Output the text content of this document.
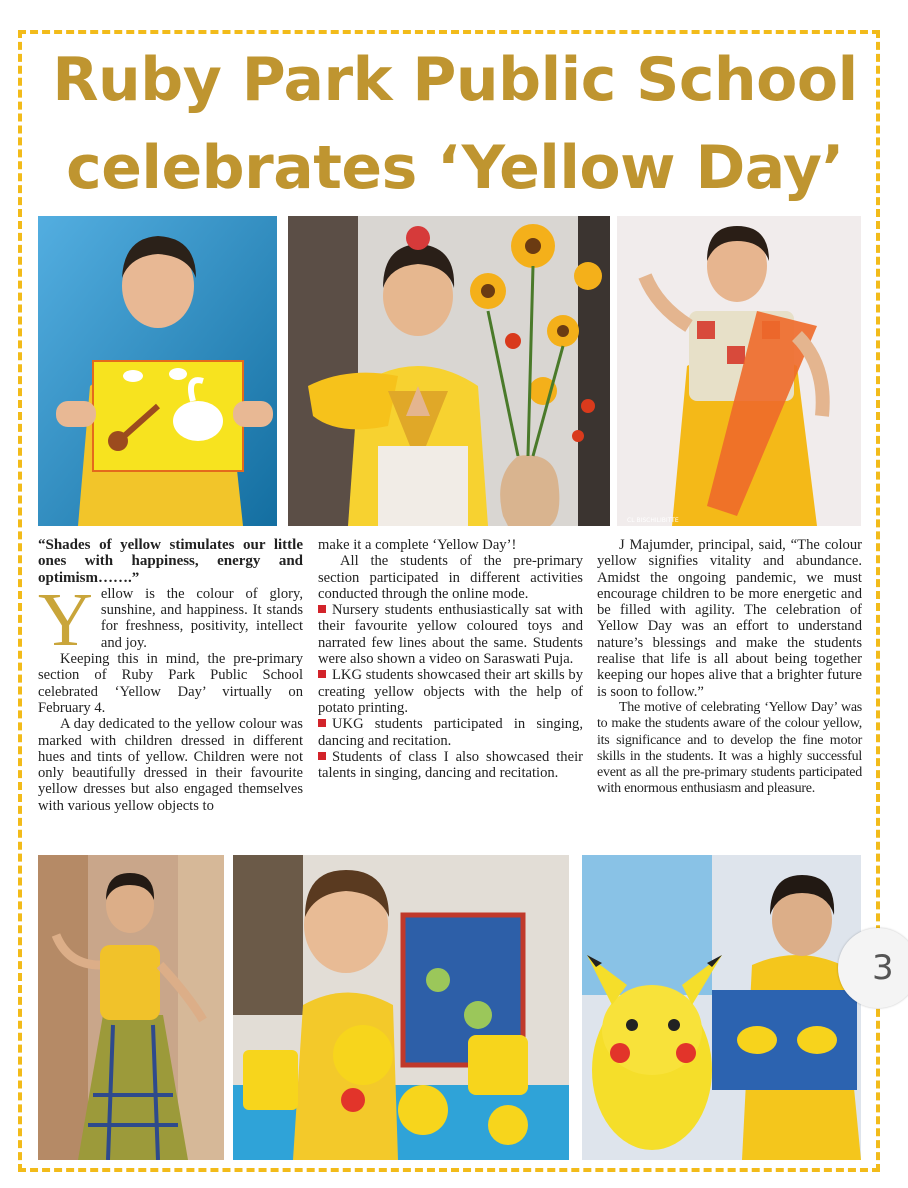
Ruby Park Public School
celebrates ‘Yellow Day’
CL BISCHILIBITTE

“Shades of yellow stimulates our little ones with happiness, energy and optimism…….”

Yellow is the colour of glory, sunshine, and happiness. It stands for freshness, positivity, intellect and joy.

Keeping this in mind, the pre-primary section of Ruby Park Public School celebrated ‘Yellow Day’ virtually on February 4.

A day dedicated to the yellow colour was marked with children dressed in different hues and tints of yellow. Children were not only beautifully dressed in their favourite yellow dresses but also engaged themselves with various yellow objects to

make it a complete ‘Yellow Day’!

All the students of the pre-primary section participated in different activities conducted through the online mode.

Nursery students enthusiastically sat with their favourite yellow coloured toys and narrated few lines about the same. Students were also shown a video on Saraswati Puja.

LKG students showcased their art skills by creating yellow objects with the help of potato printing.

UKG students participated in singing, dancing and recitation.

Students of class I also showcased their talents in singing, dancing and recitation.

J Majumder, principal, said, “The colour yellow signifies vitality and abundance. Amidst the ongoing pandemic, we must encourage children to be more energetic and be filled with agility. The celebration of Yellow Day was an effort to understand nature’s blessings and make the students realise that life is all about being together keeping our hopes alive that a brighter future is soon to follow.”

The motive of celebrating ‘Yellow Day’ was to make the students aware of the colour yellow, its significance and to develop the fine motor skills in the students. It was a highly successful event as all the pre-primary students participated with enormous enthusiasm and pleasure.

3
